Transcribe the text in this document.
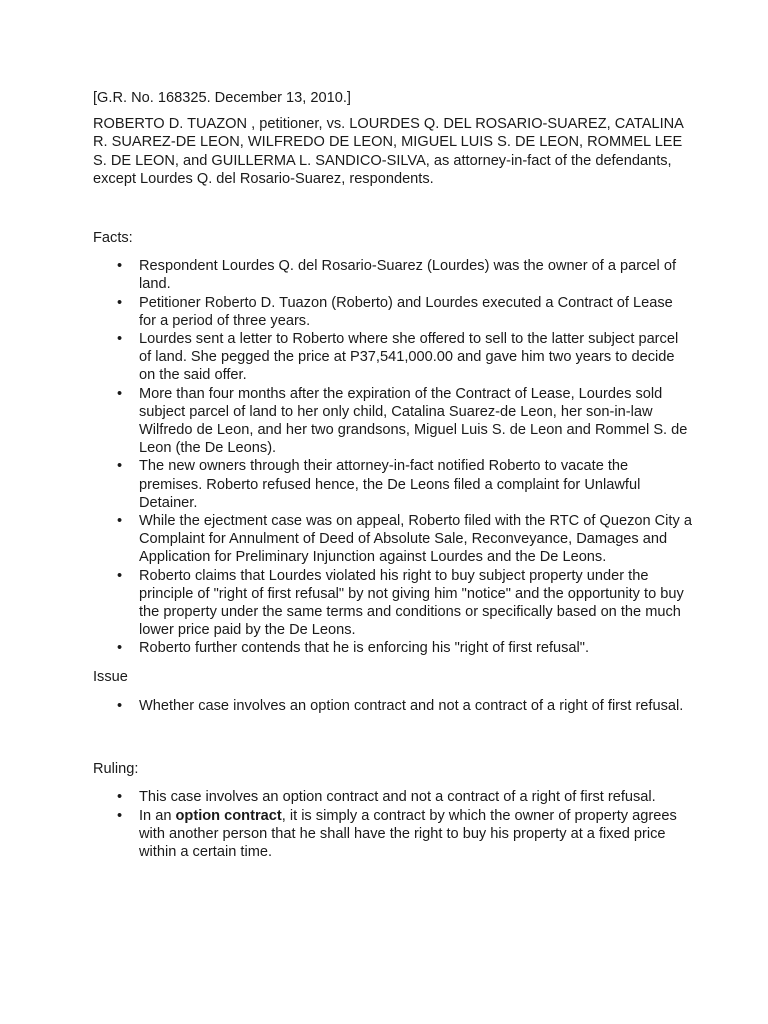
[G.R. No. 168325. December 13, 2010.]

ROBERTO D. TUAZON , petitioner, vs. LOURDES Q. DEL ROSARIO-SUAREZ, CATALINA R. SUAREZ-DE LEON, WILFREDO DE LEON, MIGUEL LUIS S. DE LEON, ROMMEL LEE S. DE LEON, and GUILLERMA L. SANDICO-SILVA, as attorney-in-fact of the defendants, except Lourdes Q. del Rosario-Suarez, respondents.

Facts:

• Respondent Lourdes Q. del Rosario-Suarez (Lourdes) was the owner of a parcel of land.
• Petitioner Roberto D. Tuazon (Roberto) and Lourdes executed a Contract of Lease for a period of three years.
• Lourdes sent a letter to Roberto where she offered to sell to the latter subject parcel of land. She pegged the price at P37,541,000.00 and gave him two years to decide on the said offer.
• More than four months after the expiration of the Contract of Lease, Lourdes sold subject parcel of land to her only child, Catalina Suarez-de Leon, her son-in-law Wilfredo de Leon, and her two grandsons, Miguel Luis S. de Leon and Rommel S. de Leon (the De Leons).
• The new owners through their attorney-in-fact notified Roberto to vacate the premises. Roberto refused hence, the De Leons filed a complaint for Unlawful Detainer.
• While the ejectment case was on appeal, Roberto filed with the RTC of Quezon City a Complaint for Annulment of Deed of Absolute Sale, Reconveyance, Damages and Application for Preliminary Injunction against Lourdes and the De Leons.
• Roberto claims that Lourdes violated his right to buy subject property under the principle of "right of first refusal" by not giving him "notice" and the opportunity to buy the property under the same terms and conditions or specifically based on the much lower price paid by the De Leons.
• Roberto further contends that he is enforcing his "right of first refusal".

Issue

• Whether case involves an option contract and not a contract of a right of first refusal.

Ruling:

• This case involves an option contract and not a contract of a right of first refusal.
• In an option contract, it is simply a contract by which the owner of property agrees with another person that he shall have the right to buy his property at a fixed price within a certain time.
